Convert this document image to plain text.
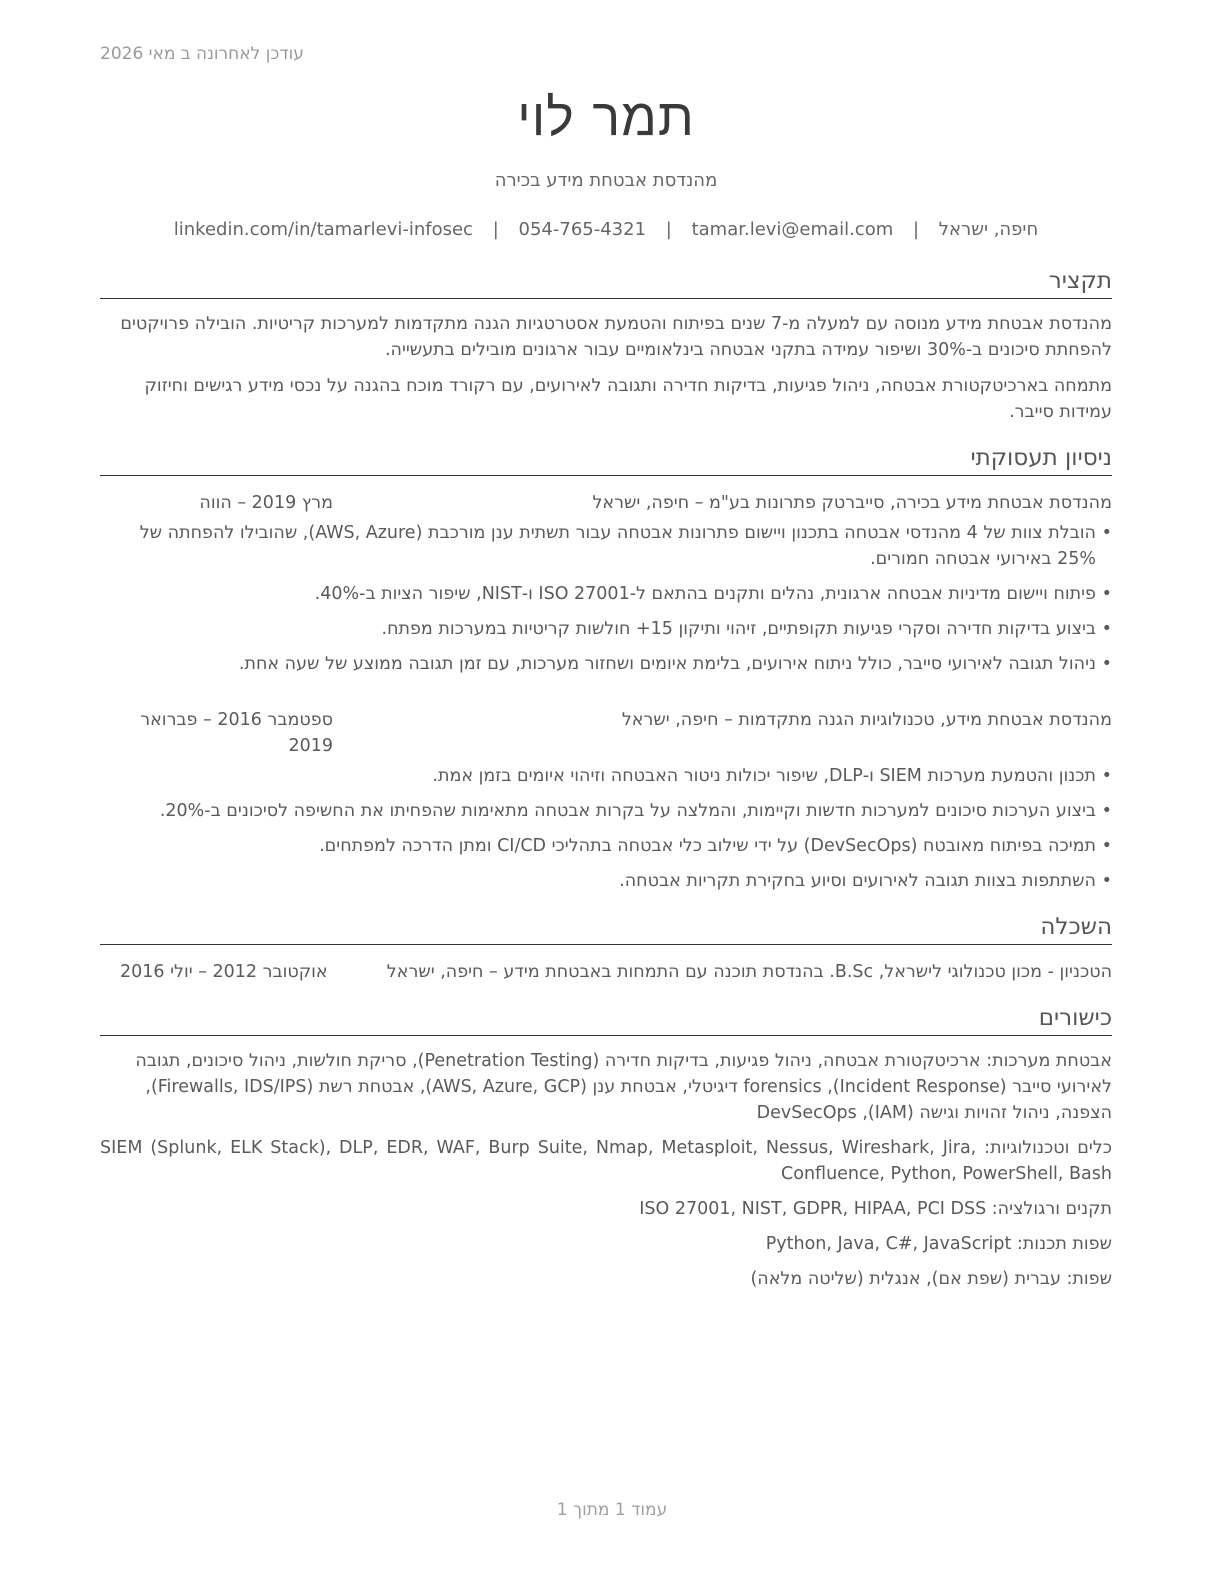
עודכן לאחרונה ב מאי 2026
תמר לוי
מהנדסת אבטחת מידע בכירה
חיפה, ישראל | tamar.levi@email.com | 054-765-4321 | linkedin.com/in/tamarlevi-infosec
תקציר

מהנדסת אבטחת מידע מנוסה עם למעלה מ-7 שנים בפיתוח והטמעת אסטרטגיות הגנה מתקדמות למערכות קריטיות. הובילה פרויקטים להפחתת סיכונים ב-30% ושיפור עמידה בתקני אבטחה בינלאומיים עבור ארגונים מובילים בתעשייה.

מתמחה בארכיטקטורת אבטחה, ניהול פגיעות, בדיקות חדירה ותגובה לאירועים, עם רקורד מוכח בהגנה על נכסי מידע רגישים וחיזוק עמידות סייבר.

ניסיון תעסוקתי
מהנדסת אבטחת מידע בכירה, סייברטק פתרונות בע"מ – חיפה, ישראל
מרץ 2019 – הווה
• הובלת צוות של 4 מהנדסי אבטחה בתכנון ויישום פתרונות אבטחה עבור תשתית ענן מורכבת (AWS, Azure), שהובילו להפחתה של 25% באירועי אבטחה חמורים.
• פיתוח ויישום מדיניות אבטחה ארגונית, נהלים ותקנים בהתאם ל-ISO 27001 ו-NIST, שיפור הציות ב-40%.
• ביצוע בדיקות חדירה וסקרי פגיעות תקופתיים, זיהוי ותיקון 15+ חולשות קריטיות במערכות מפתח.
• ניהול תגובה לאירועי סייבר, כולל ניתוח אירועים, בלימת איומים ושחזור מערכות, עם זמן תגובה ממוצע של שעה אחת.
מהנדסת אבטחת מידע, טכנולוגיות הגנה מתקדמות – חיפה, ישראל
ספטמבר 2016 – פברואר 2019
• תכנון והטמעת מערכות SIEM ו-DLP, שיפור יכולות ניטור האבטחה וזיהוי איומים בזמן אמת.
• ביצוע הערכות סיכונים למערכות חדשות וקיימות, והמלצה על בקרות אבטחה מתאימות שהפחיתו את החשיפה לסיכונים ב-20%.
• תמיכה בפיתוח מאובטח (DevSecOps) על ידי שילוב כלי אבטחה בתהליכי CI/CD ומתן הדרכה למפתחים.
• השתתפות בצוות תגובה לאירועים וסיוע בחקירת תקריות אבטחה.
השכלה
הטכניון - מכון טכנולוגי לישראל, B.Sc. בהנדסת תוכנה עם התמחות באבטחת מידע – חיפה, ישראל
אוקטובר 2012 – יולי 2016
כישורים

אבטחת מערכות: ארכיטקטורת אבטחה, ניהול פגיעות, בדיקות חדירה (Penetration Testing), סריקת חולשות, ניהול סיכונים, תגובה לאירועי סייבר (Incident Response), forensics דיגיטלי, אבטחת ענן (AWS, Azure, GCP), אבטחת רשת (Firewalls, IDS/IPS), הצפנה, ניהול זהויות וגישה (IAM), DevSecOps

כלים וטכנולוגיות: SIEM (Splunk, ELK Stack), DLP, EDR, WAF, Burp Suite, Nmap, Metasploit, Nessus, Wireshark, Jira, Confluence, Python, PowerShell, Bash

תקנים ורגולציה: ISO 27001, NIST, GDPR, HIPAA, PCI DSS

שפות תכנות: Python, Java, C#, JavaScript

שפות: עברית (שפת אם), אנגלית (שליטה מלאה)

עמוד 1 מתוך 1
